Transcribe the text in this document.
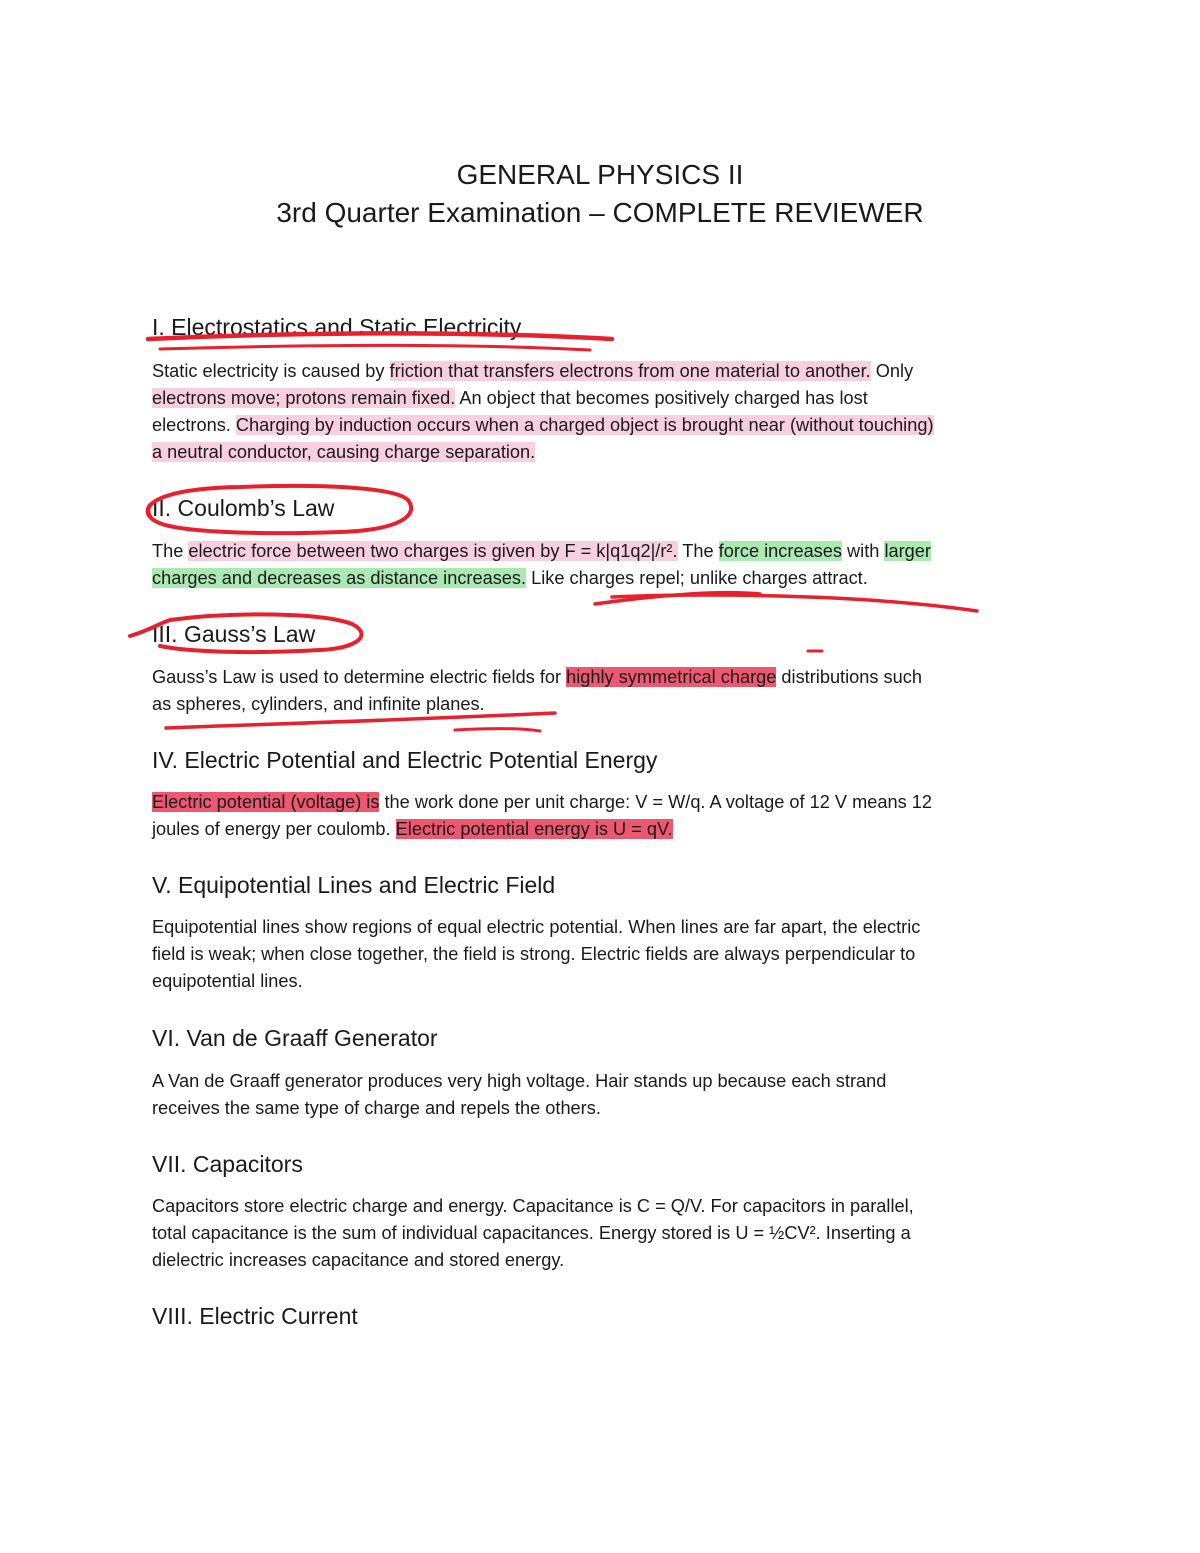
GENERAL PHYSICS II
3rd Quarter Examination – COMPLETE REVIEWER
I. Electrostatics and Static Electricity
Static electricity is caused by friction that transfers electrons from one material to another. Only
electrons move; protons remain fixed. An object that becomes positively charged has lost
electrons. Charging by induction occurs when a charged object is brought near (without touching)
a neutral conductor, causing charge separation.
II. Coulomb’s Law
The electric force between two charges is given by F = k|q1q2|/r². The force increases with larger
charges and decreases as distance increases. Like charges repel; unlike charges attract.
III. Gauss’s Law
Gauss’s Law is used to determine electric fields for highly symmetrical charge distributions such
as spheres, cylinders, and infinite planes.
IV. Electric Potential and Electric Potential Energy
Electric potential (voltage) is the work done per unit charge: V = W/q. A voltage of 12 V means 12
joules of energy per coulomb. Electric potential energy is U = qV.
V. Equipotential Lines and Electric Field
Equipotential lines show regions of equal electric potential. When lines are far apart, the electric
field is weak; when close together, the field is strong. Electric fields are always perpendicular to
equipotential lines.
VI. Van de Graaff Generator
A Van de Graaff generator produces very high voltage. Hair stands up because each strand
receives the same type of charge and repels the others.
VII. Capacitors
Capacitors store electric charge and energy. Capacitance is C = Q/V. For capacitors in parallel,
total capacitance is the sum of individual capacitances. Energy stored is U = ½CV². Inserting a
dielectric increases capacitance and stored energy.
VIII. Electric Current
